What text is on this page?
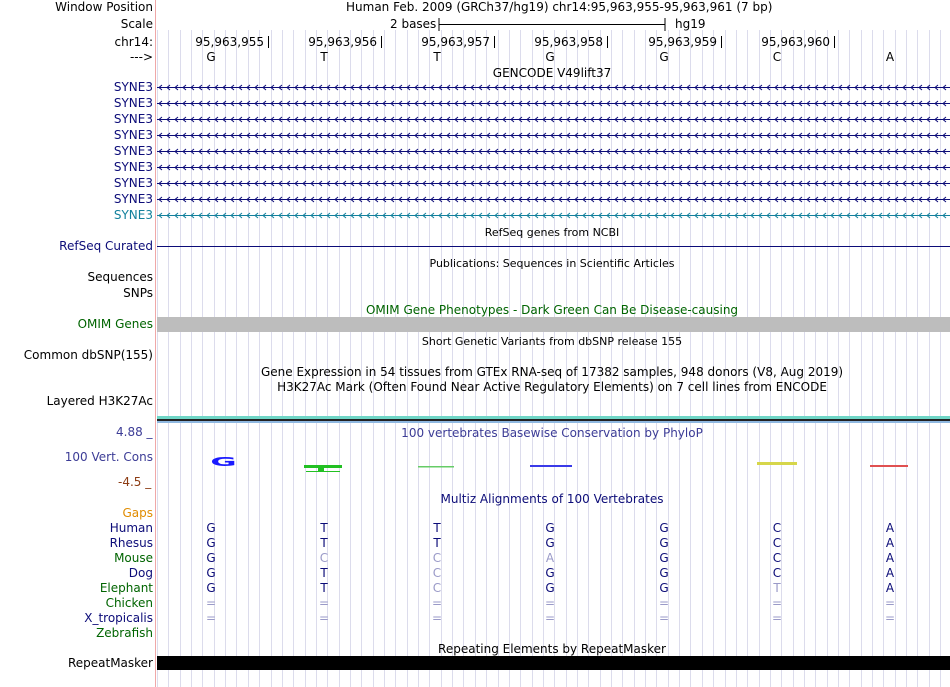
Window Position	Human Feb. 2009 (GRCh37/hg19) chr14:95,963,955-95,963,961 (7 bp)
Scale	2 bases	hg19
chr14:	95,963,955	95,963,956	95,963,957	95,963,958	95,963,959	95,963,960
--->	G	T	T	G	G	C	A
GENCODE V49lift37
SYNE3
SYNE3
SYNE3
SYNE3
SYNE3
SYNE3
SYNE3
SYNE3
SYNE3
RefSeq genes from NCBI
RefSeq Curated
Publications: Sequences in Scientific Articles
Sequences
SNPs
OMIM Gene Phenotypes - Dark Green Can Be Disease-causing
OMIM Genes
Short Genetic Variants from dbSNP release 155
Common dbSNP(155)
Gene Expression in 54 tissues from GTEx RNA-seq of 17382 samples, 948 donors (V8, Aug 2019)
H3K27Ac Mark (Often Found Near Active Regulatory Elements) on 7 cell lines from ENCODE
Layered H3K27Ac
100 vertebrates Basewise Conservation by PhyloP
4.88 _
100 Vert. Cons
-4.5 _
G
Multiz Alignments of 100 Vertebrates
Gaps
Human	G	T	T	G	G	C	A
Rhesus	G	T	T	G	G	C	A
Mouse	G	C	C	A	G	C	A
Dog	G	T	C	G	G	C	A
Elephant	G	T	C	G	G	T	A
Chicken	=	=	=	=	=	=	=
X_tropicalis	=	=	=	=	=	=	=
Zebrafish
Repeating Elements by RepeatMasker
RepeatMasker
